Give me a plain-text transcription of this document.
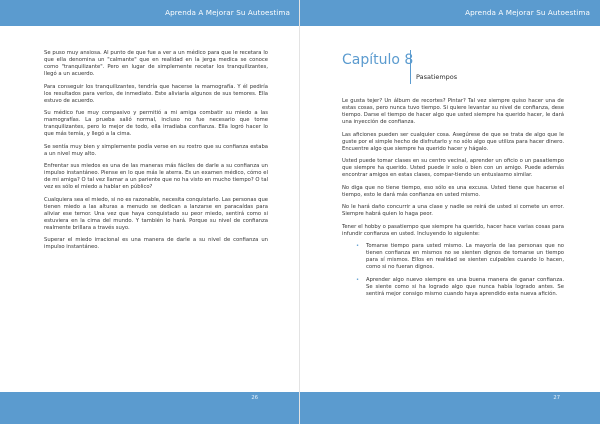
Aprenda A Mejorar Su Autoestima

Se puso muy ansiosa. Al punto de que fue a ver a un médico para que le recetara lo que ella denomina un "calmante" que en realidad en la jerga medica se conoce como "tranquilizante". Pero en lugar de simplemente recetar los tranquilizantes, llegó a un acuerdo.

Para conseguir los tranquilizantes, tendría que hacerse la mamografía. Y él pediría los resultados para verlos, de inmediato. Este aliviaría algunos de sus temores. Ella estuvo de acuerdo.

Su médico fue muy compasivo y permitió a mi amiga combatir su miedo a las mamografías. La prueba salió normal, incluso no fue necesario que tome tranquilizantes, pero lo mejor de todo, ella irradiaba confianza. Ella logró hacer lo que más temía, y llegó a la cima.

Se sentía muy bien y simplemente podía verse en su rostro que su confianza estaba a un nivel muy alto.

Enfrentar sus miedos es una de las maneras más fáciles de darle a su confianza un impulso instantáneo. Piense en lo que más le aterra. Es un examen médico, cómo el de mi amiga? O tal vez llamar a un pariente que no ha visto en mucho tiempo? O tal vez es sólo el miedo a hablar en público?

Cualquiera sea el miedo, si no es razonable, necesita conquistarlo. Las personas que tienen miedo a las alturas a menudo se dedican a lanzarse en paracaídas para aliviar ese temor. Una vez que haya conquistado su peor miedo, sentirá como si estuviera en la cima del mundo. Y también lo hará. Porque su nivel de confianza realmente brillara a través suyo.

Superar el miedo irracional es una manera de darle a su nivel de confianza un impulso instantáneo.

26
Aprenda A Mejorar Su Autoestima
Capítulo 8
Pasatiempos

Le gusta tejer? Un álbum de recortes? Pintar? Tal vez siempre quiso hacer una de estas cosas, pero nunca tuvo tiempo. Si quiere levantar su nivel de confianza, dese tiempo. Darse el tiempo de hacer algo que usted siempre ha querido hacer, le dará una inyección de confianza.

Las aficiones pueden ser cualquier cosa. Asegúrese de que se trata de algo que le guste por el simple hecho de disfrutarlo y no sólo algo que utiliza para hacer dinero. Encuentre algo que siempre ha querido hacer y hágalo.

Usted puede tomar clases en su centro vecinal, aprender un oficio o un pasatiempo que siempre ha querido. Usted puede ir solo o bien con un amigo. Puede además encontrar amigos en estas clases, compar-tiendo un entusiasmo similar.

No diga que no tiene tiempo, eso sólo es una excusa. Usted tiene que hacerse el tiempo, esto le dará más confianza en usted mismo.

No le hará daño concurrir a una clase y nadie se reirá de usted si comete un error. Siempre habrá quien lo haga peor.

Tener el hobby o pasatiempo que siempre ha querido, hacer hace varias cosas para infundir confianza en usted. Incluyendo lo siguiente:

• Tomarse tiempo para usted mismo. La mayoría de las personas que no tienen confianza en mismos no se sienten dignos de tomarse un tiempo para sí mismos. Ellos en realidad se sienten culpables cuando lo hacen, como si no fueran dignos.
• Aprender algo nuevo siempre es una buena manera de ganar confianza. Se siente como si ha logrado algo que nunca había logrado antes. Se sentirá mejor consigo mismo cuando haya aprendido esta nueva afición.
27
